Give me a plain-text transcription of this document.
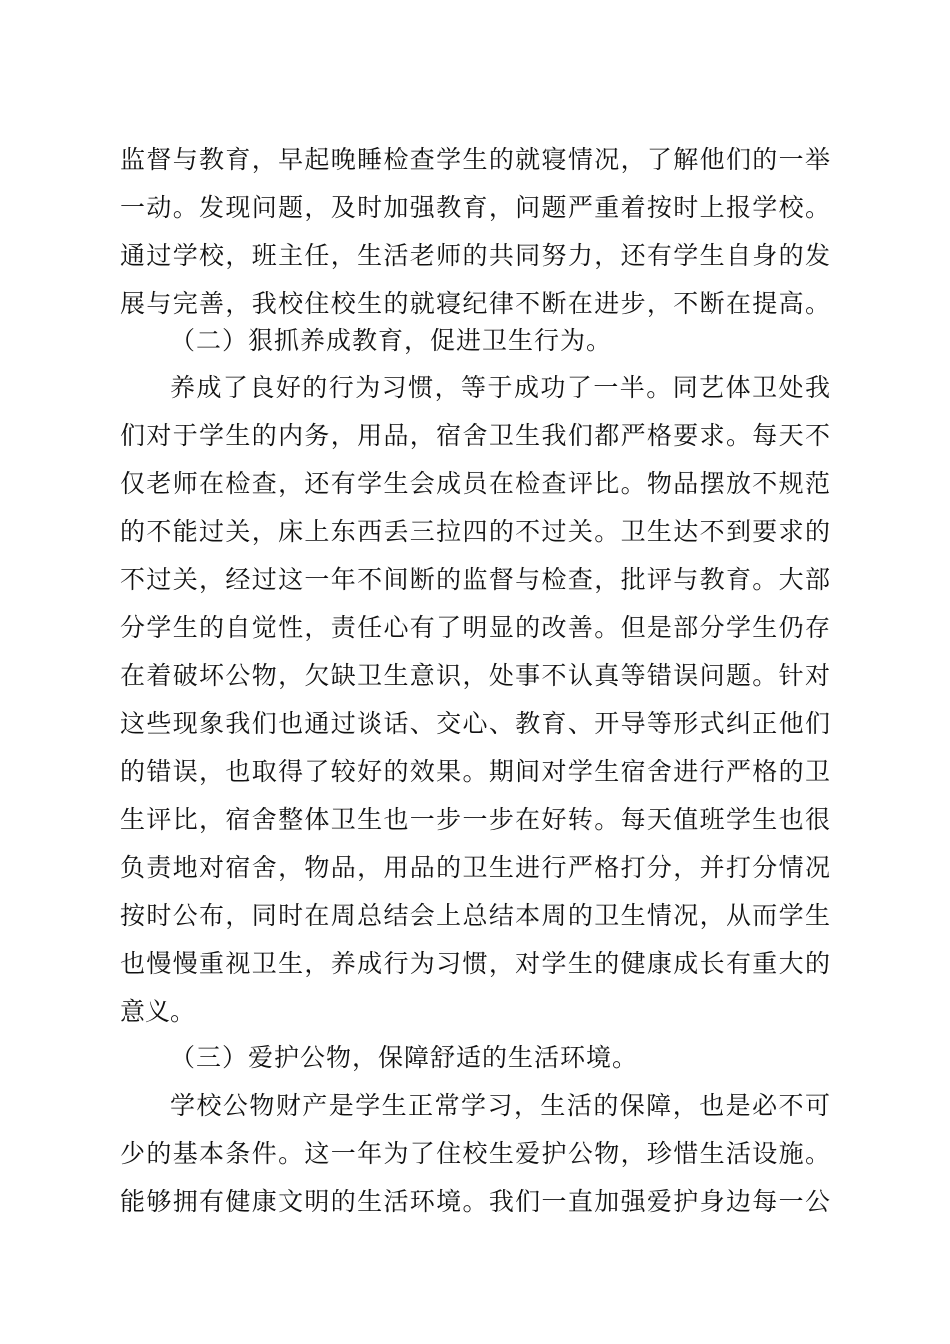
监督与教育，早起晚睡检查学生的就寝情况，了解他们的一举
一动。发现问题，及时加强教育，问题严重着按时上报学校。
通过学校，班主任，生活老师的共同努力，还有学生自身的发
展与完善，我校住校生的就寝纪律不断在进步，不断在提高。
（二）狠抓养成教育，促进卫生行为。
养成了良好的行为习惯，等于成功了一半。同艺体卫处我
们对于学生的内务，用品，宿舍卫生我们都严格要求。每天不
仅老师在检查，还有学生会成员在检查评比。物品摆放不规范
的不能过关，床上东西丢三拉四的不过关。卫生达不到要求的
不过关，经过这一年不间断的监督与检查，批评与教育。大部
分学生的自觉性，责任心有了明显的改善。但是部分学生仍存
在着破坏公物，欠缺卫生意识，处事不认真等错误问题。针对
这些现象我们也通过谈话、交心、教育、开导等形式纠正他们
的错误，也取得了较好的效果。期间对学生宿舍进行严格的卫
生评比，宿舍整体卫生也一步一步在好转。每天值班学生也很
负责地对宿舍，物品，用品的卫生进行严格打分，并打分情况
按时公布，同时在周总结会上总结本周的卫生情况，从而学生
也慢慢重视卫生，养成行为习惯，对学生的健康成长有重大的
意义。
（三）爱护公物，保障舒适的生活环境。
学校公物财产是学生正常学习，生活的保障，也是必不可
少的基本条件。这一年为了住校生爱护公物，珍惜生活设施。
能够拥有健康文明的生活环境。我们一直加强爱护身边每一公
